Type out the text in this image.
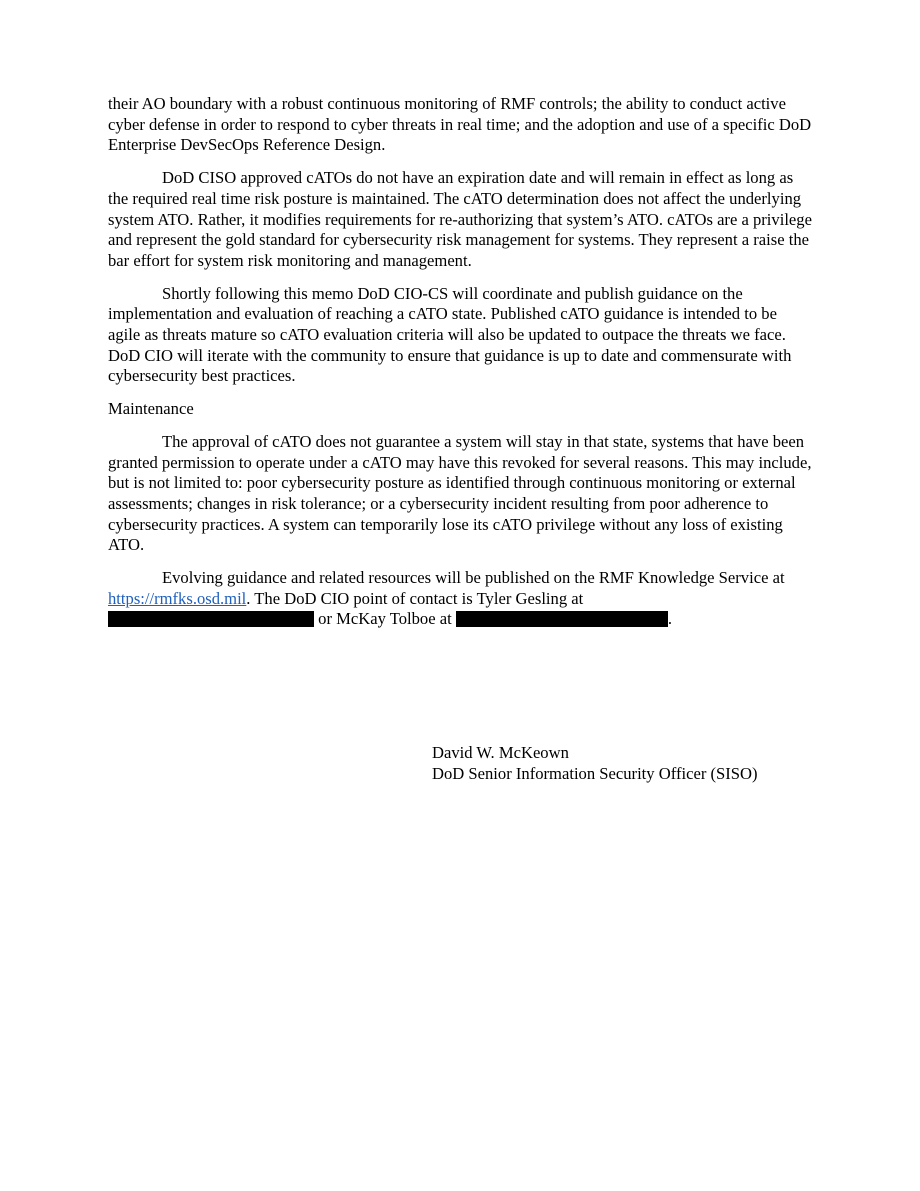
their AO boundary with a robust continuous monitoring of RMF controls; the ability to conduct active cyber defense in order to respond to cyber threats in real time; and the adoption and use of a specific DoD Enterprise DevSecOps Reference Design.

DoD CISO approved cATOs do not have an expiration date and will remain in effect as long as the required real time risk posture is maintained. The cATO determination does not affect the underlying system ATO. Rather, it modifies requirements for re-authorizing that system’s ATO. cATOs are a privilege and represent the gold standard for cybersecurity risk management for systems. They represent a raise the bar effort for system risk monitoring and management.

Shortly following this memo DoD CIO-CS will coordinate and publish guidance on the implementation and evaluation of reaching a cATO state. Published cATO guidance is intended to be agile as threats mature so cATO evaluation criteria will also be updated to outpace the threats we face. DoD CIO will iterate with the community to ensure that guidance is up to date and commensurate with cybersecurity best practices.

Maintenance

The approval of cATO does not guarantee a system will stay in that state, systems that have been granted permission to operate under a cATO may have this revoked for several reasons. This may include, but is not limited to: poor cybersecurity posture as identified through continuous monitoring or external assessments; changes in risk tolerance; or a cybersecurity incident resulting from poor adherence to cybersecurity practices. A system can temporarily lose its cATO privilege without any loss of existing ATO.

Evolving guidance and related resources will be published on the RMF Knowledge Service at https://rmfks.osd.mil. The DoD CIO point of contact is Tyler Gesling at
or McKay Tolboe at	.

David W. McKeown
DoD Senior Information Security Officer (SISO)
